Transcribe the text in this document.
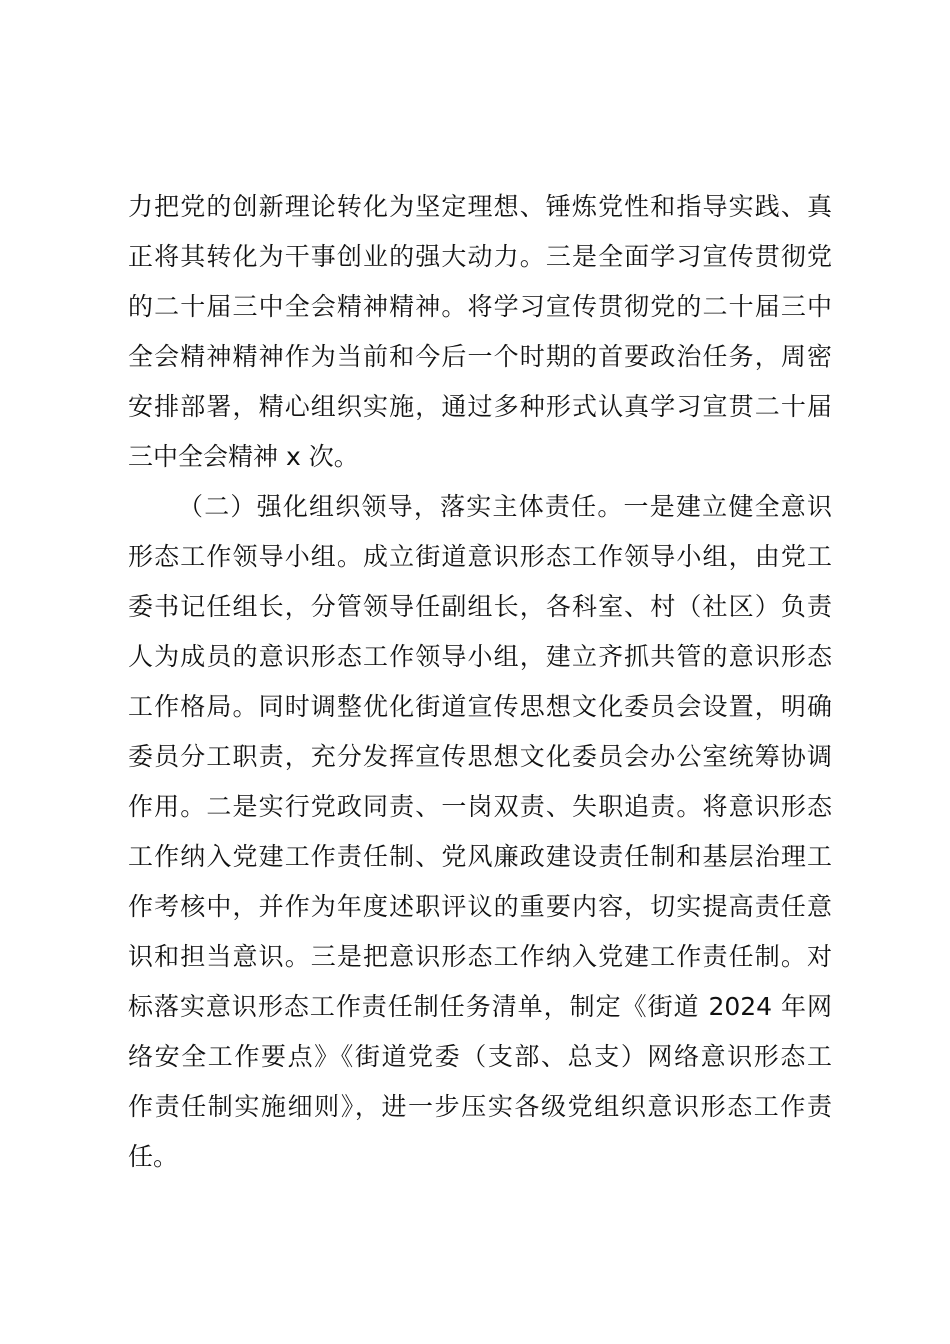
力把党的创新理论转化为坚定理想、锤炼党性和指导实践、真
正将其转化为干事创业的强大动力。三是全面学习宣传贯彻党
的二十届三中全会精神精神。将学习宣传贯彻党的二十届三中
全会精神精神作为当前和今后一个时期的首要政治任务，周密
安排部署，精心组织实施，通过多种形式认真学习宣贯二十届
三中全会精神 x 次。
（二）强化组织领导，落实主体责任。一是建立健全意识
形态工作领导小组。成立街道意识形态工作领导小组，由党工
委书记任组长，分管领导任副组长，各科室、村（社区）负责
人为成员的意识形态工作领导小组，建立齐抓共管的意识形态
工作格局。同时调整优化街道宣传思想文化委员会设置，明确
委员分工职责，充分发挥宣传思想文化委员会办公室统筹协调
作用。二是实行党政同责、一岗双责、失职追责。将意识形态
工作纳入党建工作责任制、党风廉政建设责任制和基层治理工
作考核中，并作为年度述职评议的重要内容，切实提高责任意
识和担当意识。三是把意识形态工作纳入党建工作责任制。对
标落实意识形态工作责任制任务清单，制定《街道 2024 年网
络安全工作要点》《街道党委（支部、总支）网络意识形态工
作责任制实施细则》，进一步压实各级党组织意识形态工作责
任。
